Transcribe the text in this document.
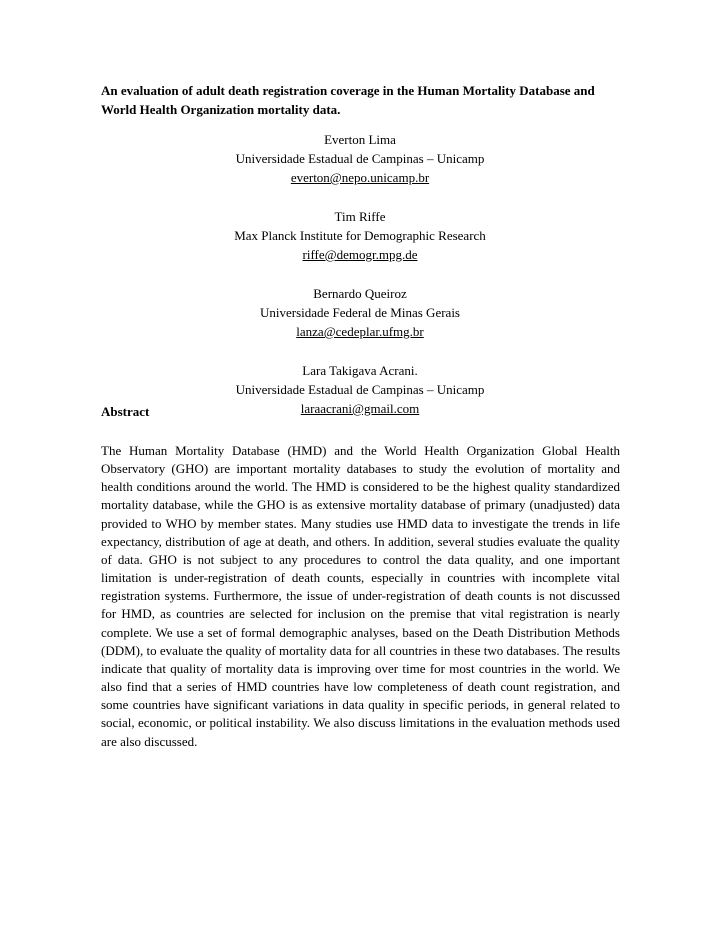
An evaluation of adult death registration coverage in the Human Mortality Database and World Health Organization mortality data.
Everton Lima
Universidade Estadual de Campinas – Unicamp
everton@nepo.unicamp.br
Tim Riffe
Max Planck Institute for Demographic Research
riffe@demogr.mpg.de
Bernardo Queiroz
Universidade Federal de Minas Gerais
lanza@cedeplar.ufmg.br
Lara Takigava Acrani.
Universidade Estadual de Campinas – Unicamp
laraacrani@gmail.com
Abstract
The Human Mortality Database (HMD) and the World Health Organization Global Health Observatory (GHO) are important mortality databases to study the evolution of mortality and health conditions around the world. The HMD is considered to be the highest quality standardized mortality database, while the GHO is as extensive mortality database of primary (unadjusted) data provided to WHO by member states. Many studies use HMD data to investigate the trends in life expectancy, distribution of age at death, and others. In addition, several studies evaluate the quality of data. GHO is not subject to any procedures to control the data quality, and one important limitation is under-registration of death counts, especially in countries with incomplete vital registration systems. Furthermore, the issue of under-registration of death counts is not discussed for HMD, as countries are selected for inclusion on the premise that vital registration is nearly complete. We use a set of formal demographic analyses, based on the Death Distribution Methods (DDM), to evaluate the quality of mortality data for all countries in these two databases. The results indicate that quality of mortality data is improving over time for most countries in the world. We also find that a series of HMD countries have low completeness of death count registration, and some countries have significant variations in data quality in specific periods, in general related to social, economic, or political instability. We also discuss limitations in the evaluation methods used are also discussed.
